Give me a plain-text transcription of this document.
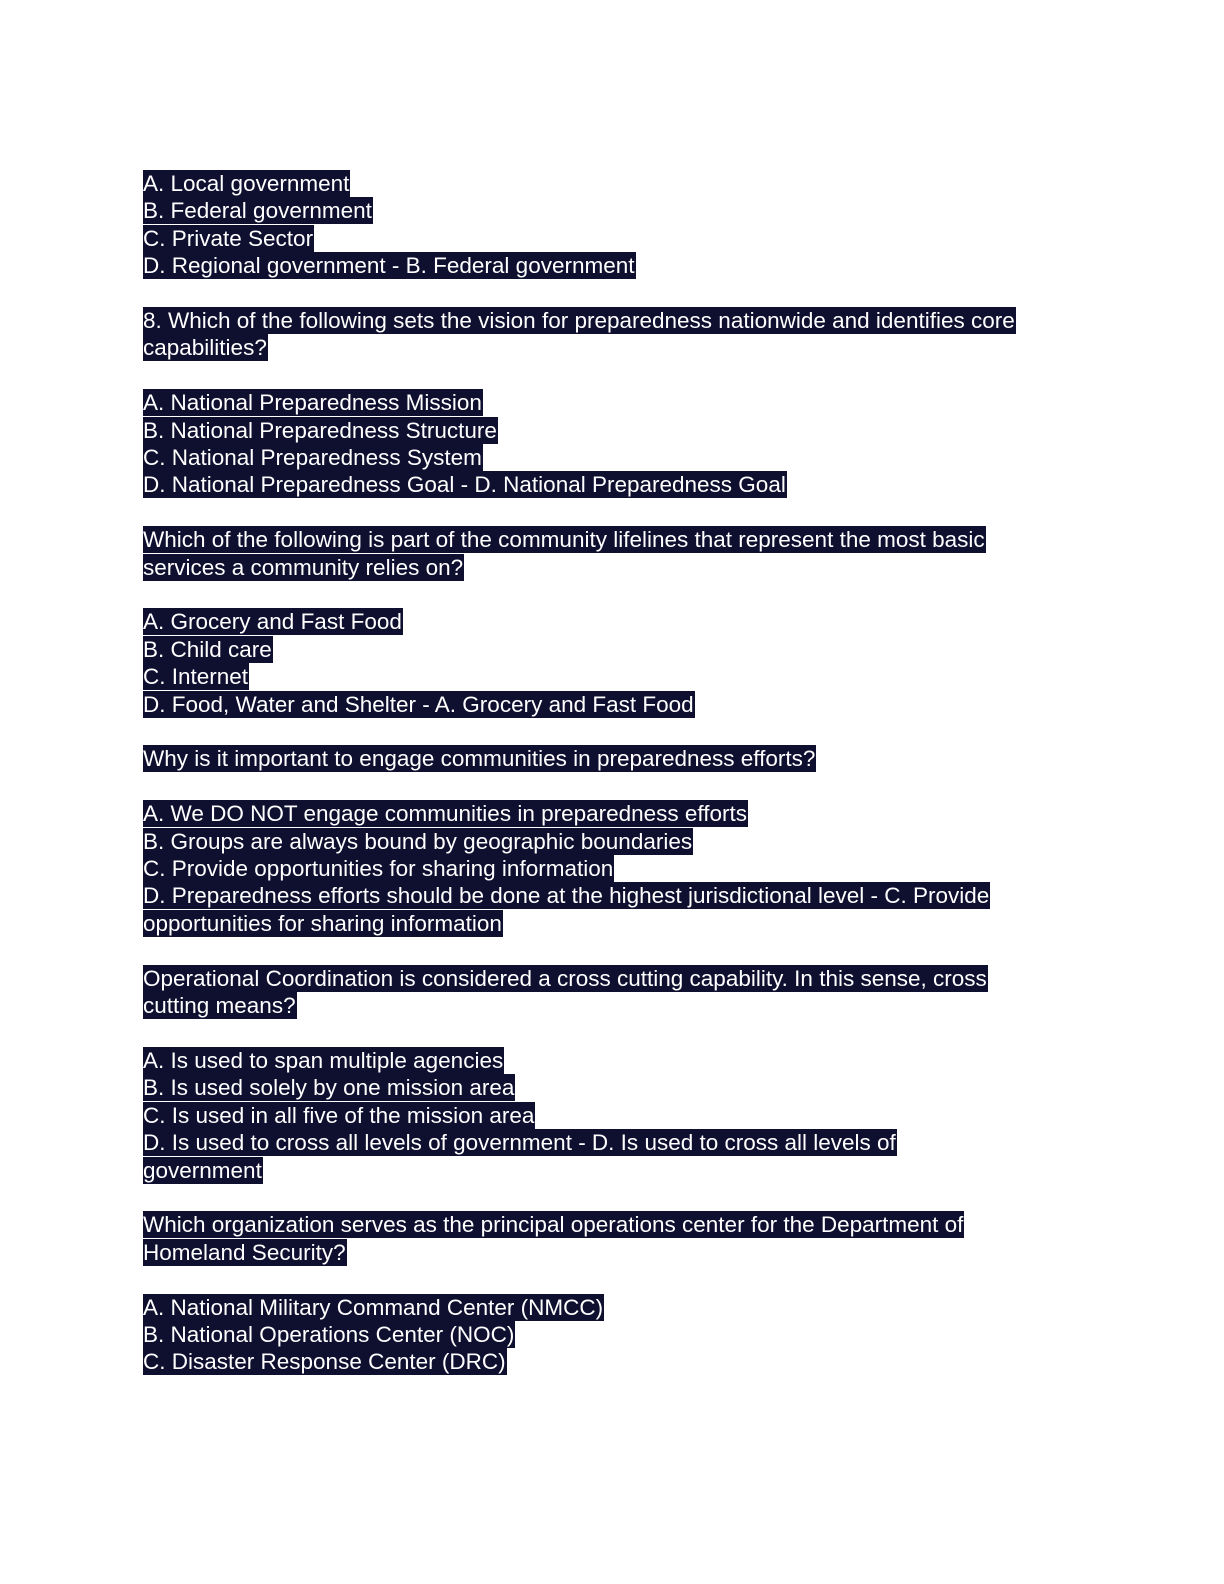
A. Local government
B. Federal government
C. Private Sector
D. Regional government - B. Federal government
8. Which of the following sets the vision for preparedness nationwide and identifies core
capabilities?
A. National Preparedness Mission
B. National Preparedness Structure
C. National Preparedness System
D. National Preparedness Goal - D. National Preparedness Goal
Which of the following is part of the community lifelines that represent the most basic
services a community relies on?
A. Grocery and Fast Food
B. Child care
C. Internet
D. Food, Water and Shelter - A. Grocery and Fast Food
Why is it important to engage communities in preparedness efforts?
A. We DO NOT engage communities in preparedness efforts
B. Groups are always bound by geographic boundaries
C. Provide opportunities for sharing information
D. Preparedness efforts should be done at the highest jurisdictional level - C. Provide
opportunities for sharing information
Operational Coordination is considered a cross cutting capability. In this sense, cross
cutting means?
A. Is used to span multiple agencies
B. Is used solely by one mission area
C. Is used in all five of the mission area
D. Is used to cross all levels of government - D. Is used to cross all levels of
government
Which organization serves as the principal operations center for the Department of
Homeland Security?
A. National Military Command Center (NMCC)
B. National Operations Center (NOC)
C. Disaster Response Center (DRC)
